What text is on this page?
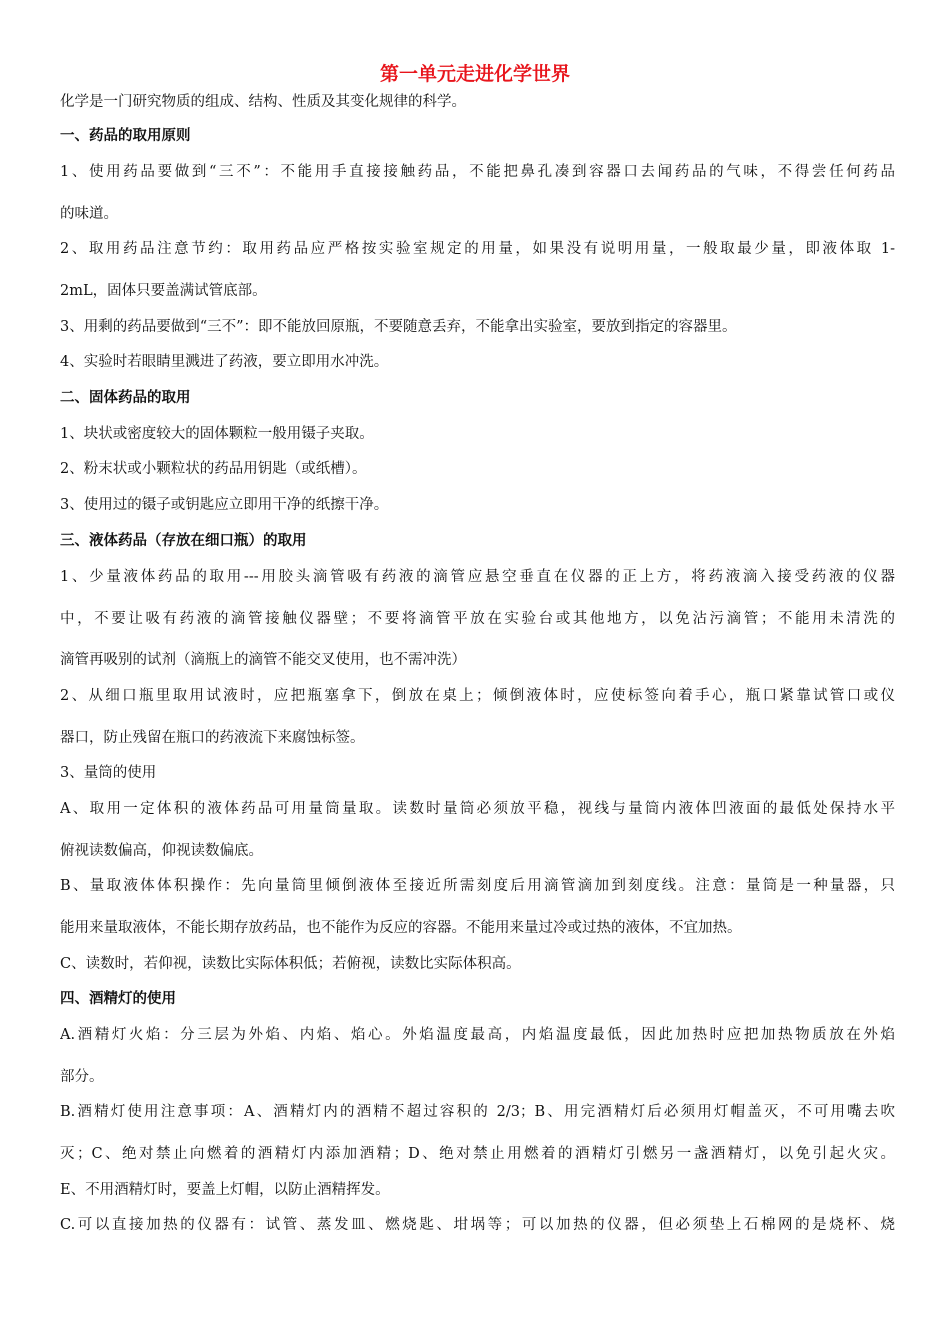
第一单元走进化学世界
化学是一门研究物质的组成、结构、性质及其变化规律的科学。
一、药品的取用原则
1、使用药品要做到“三不”：不能用手直接接触药品，不能把鼻孔凑到容器口去闻药品的气味，不得尝任何药品
的味道。
2、取用药品注意节约：取用药品应严格按实验室规定的用量，如果没有说明用量，一般取最少量，即液体取 1-
2mL，固体只要盖满试管底部。
3、用剩的药品要做到“三不”：即不能放回原瓶，不要随意丢弃，不能拿出实验室，要放到指定的容器里。
4、实验时若眼睛里溅进了药液，要立即用水冲洗。
二、固体药品的取用
1、块状或密度较大的固体颗粒一般用镊子夹取。
2、粉末状或小颗粒状的药品用钥匙（或纸槽）。
3、使用过的镊子或钥匙应立即用干净的纸擦干净。
三、液体药品（存放在细口瓶）的取用
1、少量液体药品的取用---用胶头滴管吸有药液的滴管应悬空垂直在仪器的正上方，将药液滴入接受药液的仪器
中，不要让吸有药液的滴管接触仪器壁；不要将滴管平放在实验台或其他地方，以免沾污滴管；不能用未清洗的
滴管再吸别的试剂（滴瓶上的滴管不能交叉使用，也不需冲洗）
2、从细口瓶里取用试液时，应把瓶塞拿下，倒放在桌上；倾倒液体时，应使标签向着手心，瓶口紧靠试管口或仪
器口，防止残留在瓶口的药液流下来腐蚀标签。
3、量筒的使用
A、取用一定体积的液体药品可用量筒量取。读数时量筒必须放平稳，视线与量筒内液体凹液面的最低处保持水平
俯视读数偏高，仰视读数偏底。
B、量取液体体积操作：先向量筒里倾倒液体至接近所需刻度后用滴管滴加到刻度线。注意：量筒是一种量器，只
能用来量取液体，不能长期存放药品，也不能作为反应的容器。不能用来量过冷或过热的液体，不宜加热。
C、读数时，若仰视，读数比实际体积低；若俯视，读数比实际体积高。
四、酒精灯的使用
A.酒精灯火焰：分三层为外焰、内焰、焰心。外焰温度最高，内焰温度最低，因此加热时应把加热物质放在外焰
部分。
B.酒精灯使用注意事项：A、酒精灯内的酒精不超过容积的 2/3；B、用完酒精灯后必须用灯帽盖灭，不可用嘴去吹
灭；C、绝对禁止向燃着的酒精灯内添加酒精；D、绝对禁止用燃着的酒精灯引燃另一盏酒精灯，以免引起火灾。
E、不用酒精灯时，要盖上灯帽，以防止酒精挥发。
C.可以直接加热的仪器有：试管、蒸发皿、燃烧匙、坩埚等；可以加热的仪器，但必须垫上石棉网的是烧杯、烧
